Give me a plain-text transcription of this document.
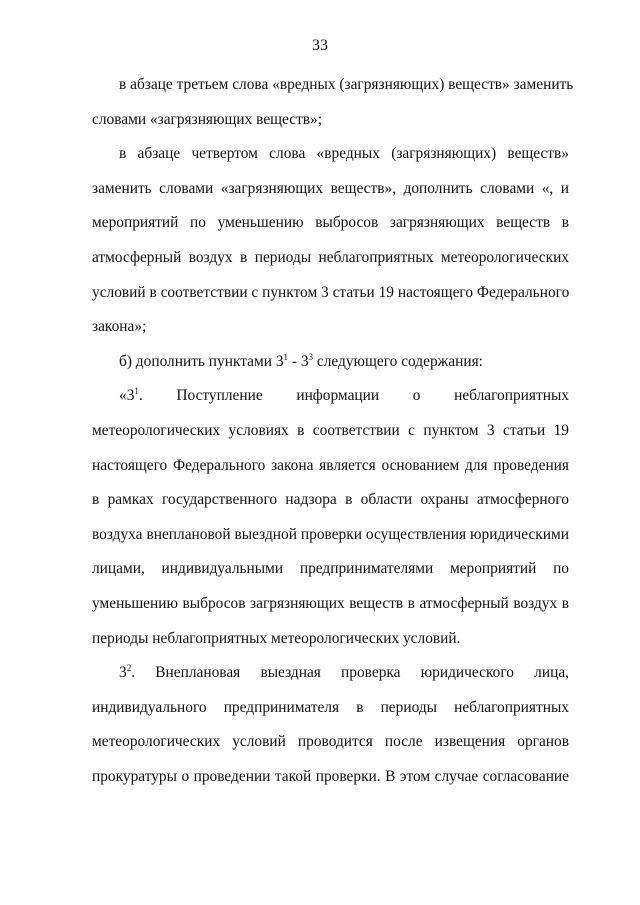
33
в абзаце третьем слова «вредных (загрязняющих) веществ» заменить
словами «загрязняющих веществ»;
в абзаце четвертом слова «вредных (загрязняющих) веществ»
заменить словами «загрязняющих веществ», дополнить словами «, и
мероприятий по уменьшению выбросов загрязняющих веществ в
атмосферный воздух в периоды неблагоприятных метеорологических
условий в соответствии с пунктом 3 статьи 19 настоящего Федерального
закона»;
б) дополнить пунктами $3^1 - 3^3$ следующего содержания:
«$3^1$. Поступление информации о неблагоприятных
метеорологических условиях в соответствии с пунктом 3 статьи 19
настоящего Федерального закона является основанием для проведения
в рамках государственного надзора в области охраны атмосферного
воздуха внеплановой выездной проверки осуществления юридическими
лицами, индивидуальными предпринимателями мероприятий по
уменьшению выбросов загрязняющих веществ в атмосферный воздух в
периоды неблагоприятных метеорологических условий.
$3^2$. Внеплановая выездная проверка юридического лица,
индивидуального предпринимателя в периоды неблагоприятных
метеорологических условий проводится после извещения органов
прокуратуры о проведении такой проверки. В этом случае согласование
